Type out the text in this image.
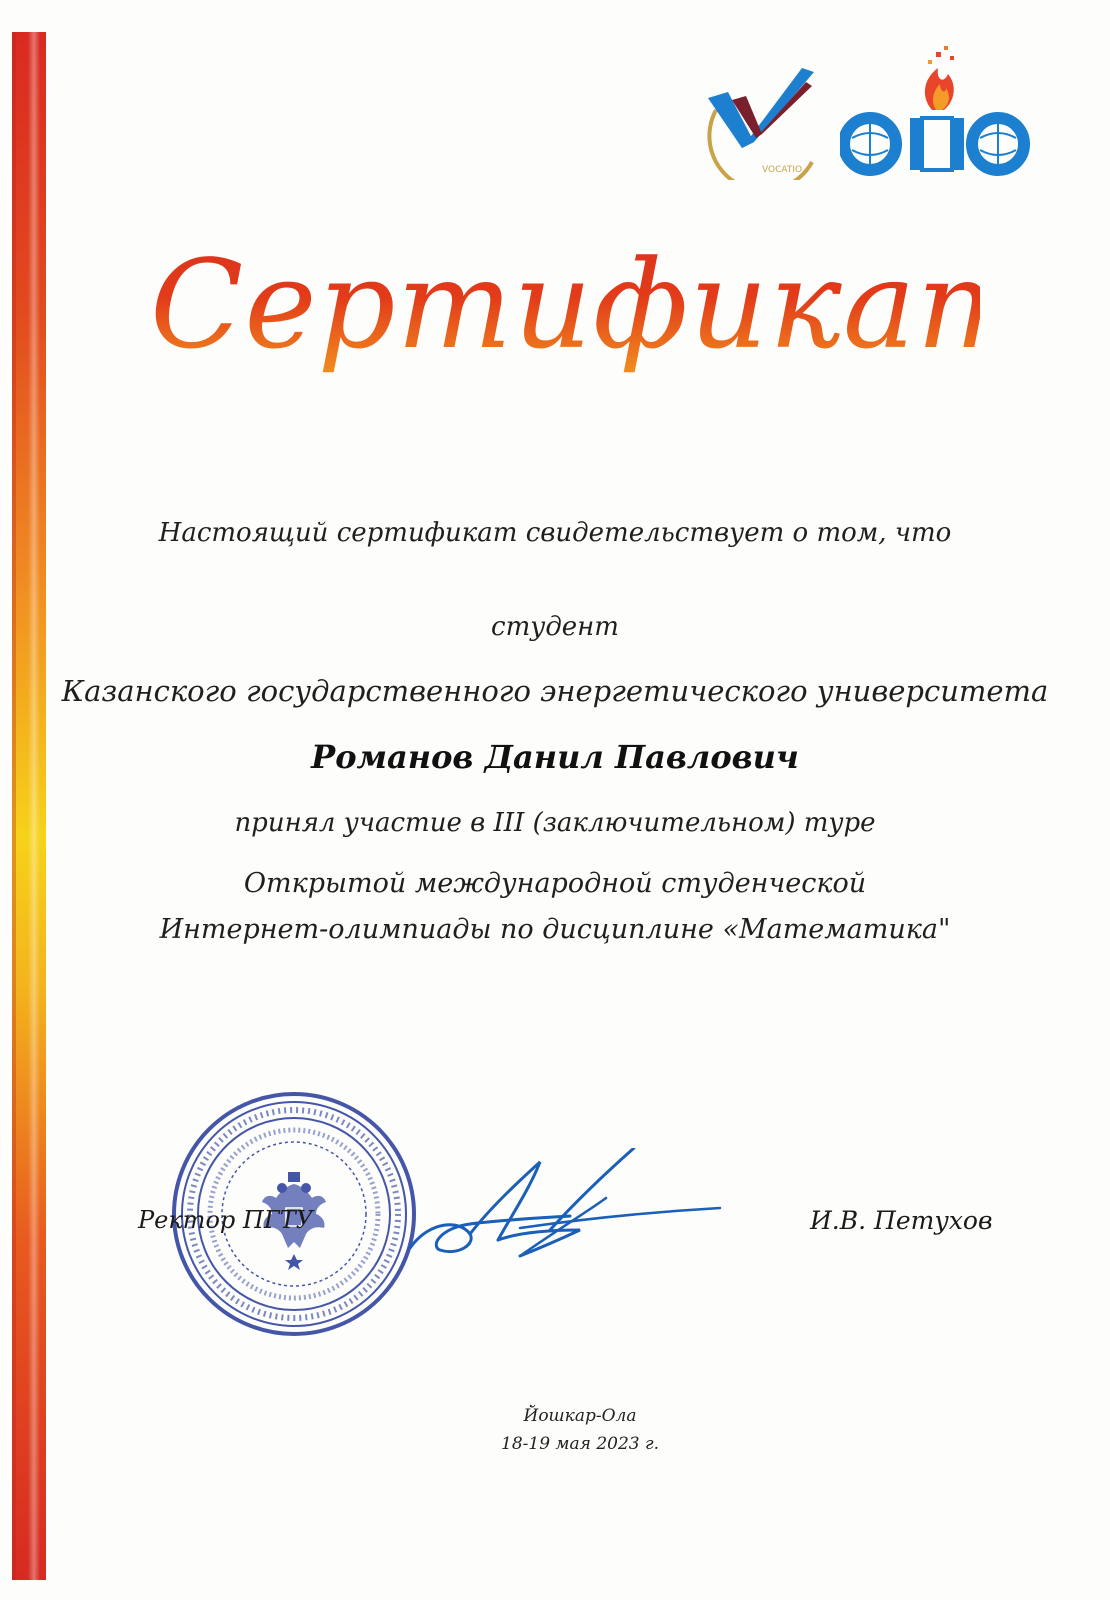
VOCATIO
Сертификат
Настоящий сертификат свидетельствует о том, что
студент
Казанского государственного энергетического университета
Романов Данил Павлович
принял участие в III (заключительном) туре
Открытой международной студенческой
Интернет-олимпиады по дисциплине «Математика"
Ректор ПГТУ	И.В. Петухов
Йошкар-Ола
18-19 мая 2023 г.
